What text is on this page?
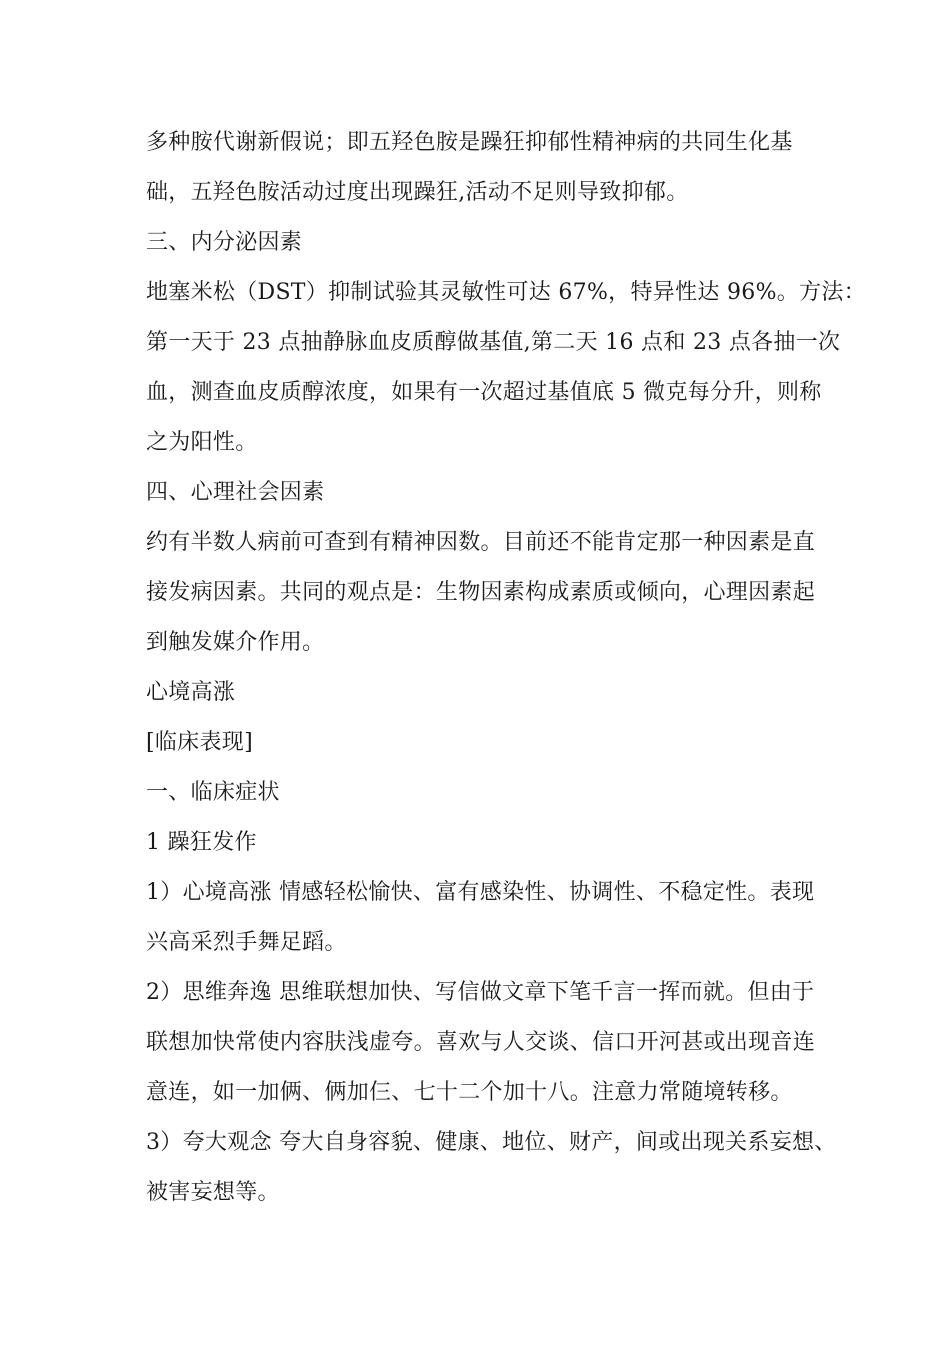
多种胺代谢新假说；即五羟色胺是躁狂抑郁性精神病的共同生化基
础，五羟色胺活动过度出现躁狂,活动不足则导致抑郁。
三、内分泌因素
地塞米松（DST）抑制试验其灵敏性可达 67%，特异性达 96%。方法：
第一天于 23 点抽静脉血皮质醇做基值,第二天 16 点和 23 点各抽一次
血，测查血皮质醇浓度，如果有一次超过基值底 5 微克每分升，则称
之为阳性。
四、心理社会因素
约有半数人病前可查到有精神因数。目前还不能肯定那一种因素是直
接发病因素。共同的观点是：生物因素构成素质或倾向，心理因素起
到触发媒介作用。
心境高涨
[临床表现]
一、临床症状
1 躁狂发作
1）心境高涨 情感轻松愉快、富有感染性、协调性、不稳定性。表现
兴高采烈手舞足蹈。
2）思维奔逸 思维联想加快、写信做文章下笔千言一挥而就。但由于
联想加快常使内容肤浅虚夸。喜欢与人交谈、信口开河甚或出现音连
意连，如一加俩、俩加仨、七十二个加十八。注意力常随境转移。
3）夸大观念 夸大自身容貌、健康、地位、财产，间或出现关系妄想、
被害妄想等。
